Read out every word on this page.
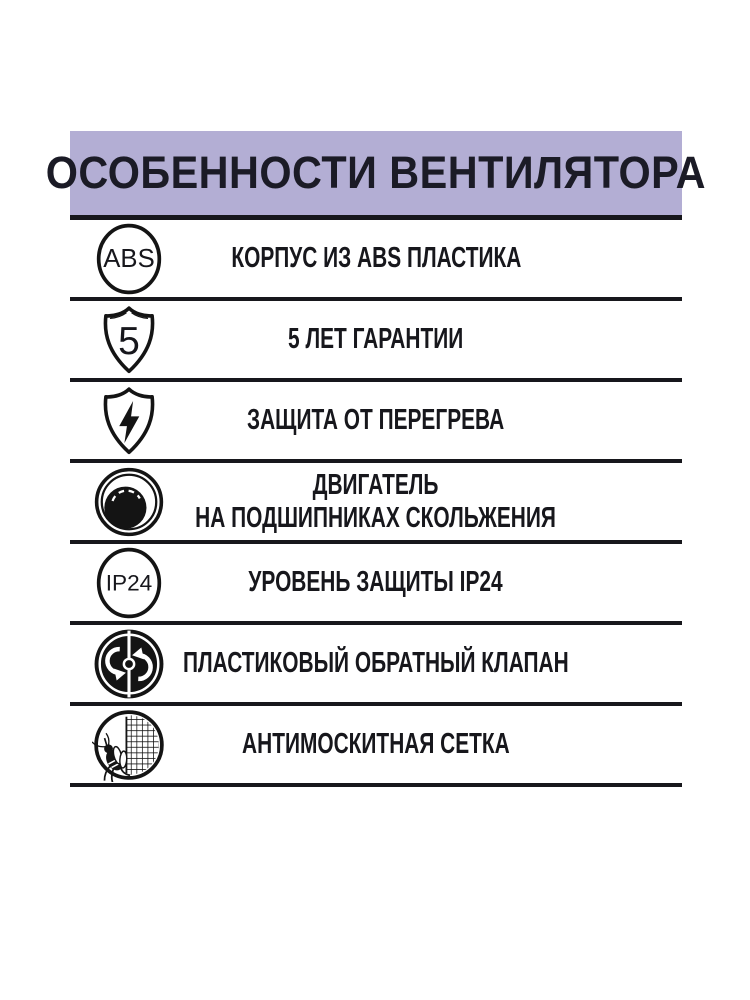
ОСОБЕННОСТИ ВЕНТИЛЯТОРА
ABS	КОРПУС ИЗ ABS ПЛАСТИКА
5	5 ЛЕТ ГАРАНТИИ
ЗАЩИТА ОТ ПЕРЕГРЕВА
ДВИГАТЕЛЬ
НА ПОДШИПНИКАХ СКОЛЬЖЕНИЯ
IP24	УРОВЕНЬ ЗАЩИТЫ IP24
ПЛАСТИКОВЫЙ ОБРАТНЫЙ КЛАПАН
АНТИМОСКИТНАЯ СЕТКА
